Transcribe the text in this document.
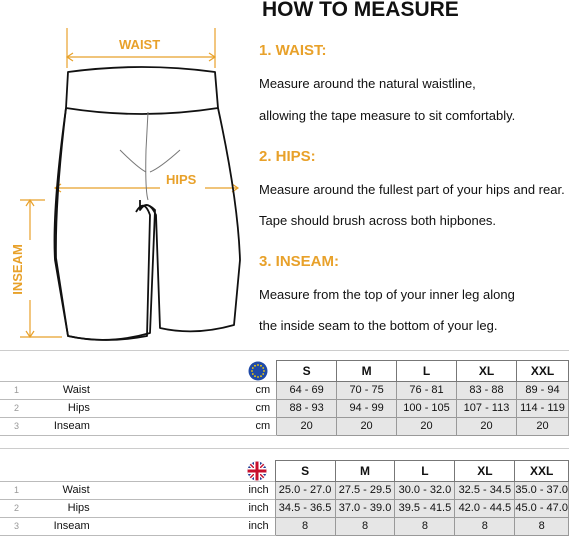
HOW TO MEASURE
WAIST
HIPS
INSEAM
1. WAIST:
Measure around the natural waistline,
allowing the tape measure to sit comfortably.
2. HIPS:
Measure around the fullest part of your hips and rear.
Tape should brush across both hipbones.
3. INSEAM:
Measure from the top of your inner leg along
the inside seam to the bottom of your leg.
			S	M	L	XL	XXL
1	Waist	cm	64 - 69	70 - 75	76 - 81	83 - 88	89 - 94
2	Hips	cm	88 - 93	94 - 99	100 - 105	107 - 113	114 - 119
3	Inseam	cm	20	20	20	20	20
			S	M	L	XL	XXL
1	Waist	inch	25.0 - 27.0	27.5 - 29.5	30.0 - 32.0	32.5 - 34.5	35.0 - 37.0
2	Hips	inch	34.5 - 36.5	37.0 - 39.0	39.5 - 41.5	42.0 - 44.5	45.0 - 47.0
3	Inseam	inch	8	8	8	8	8
